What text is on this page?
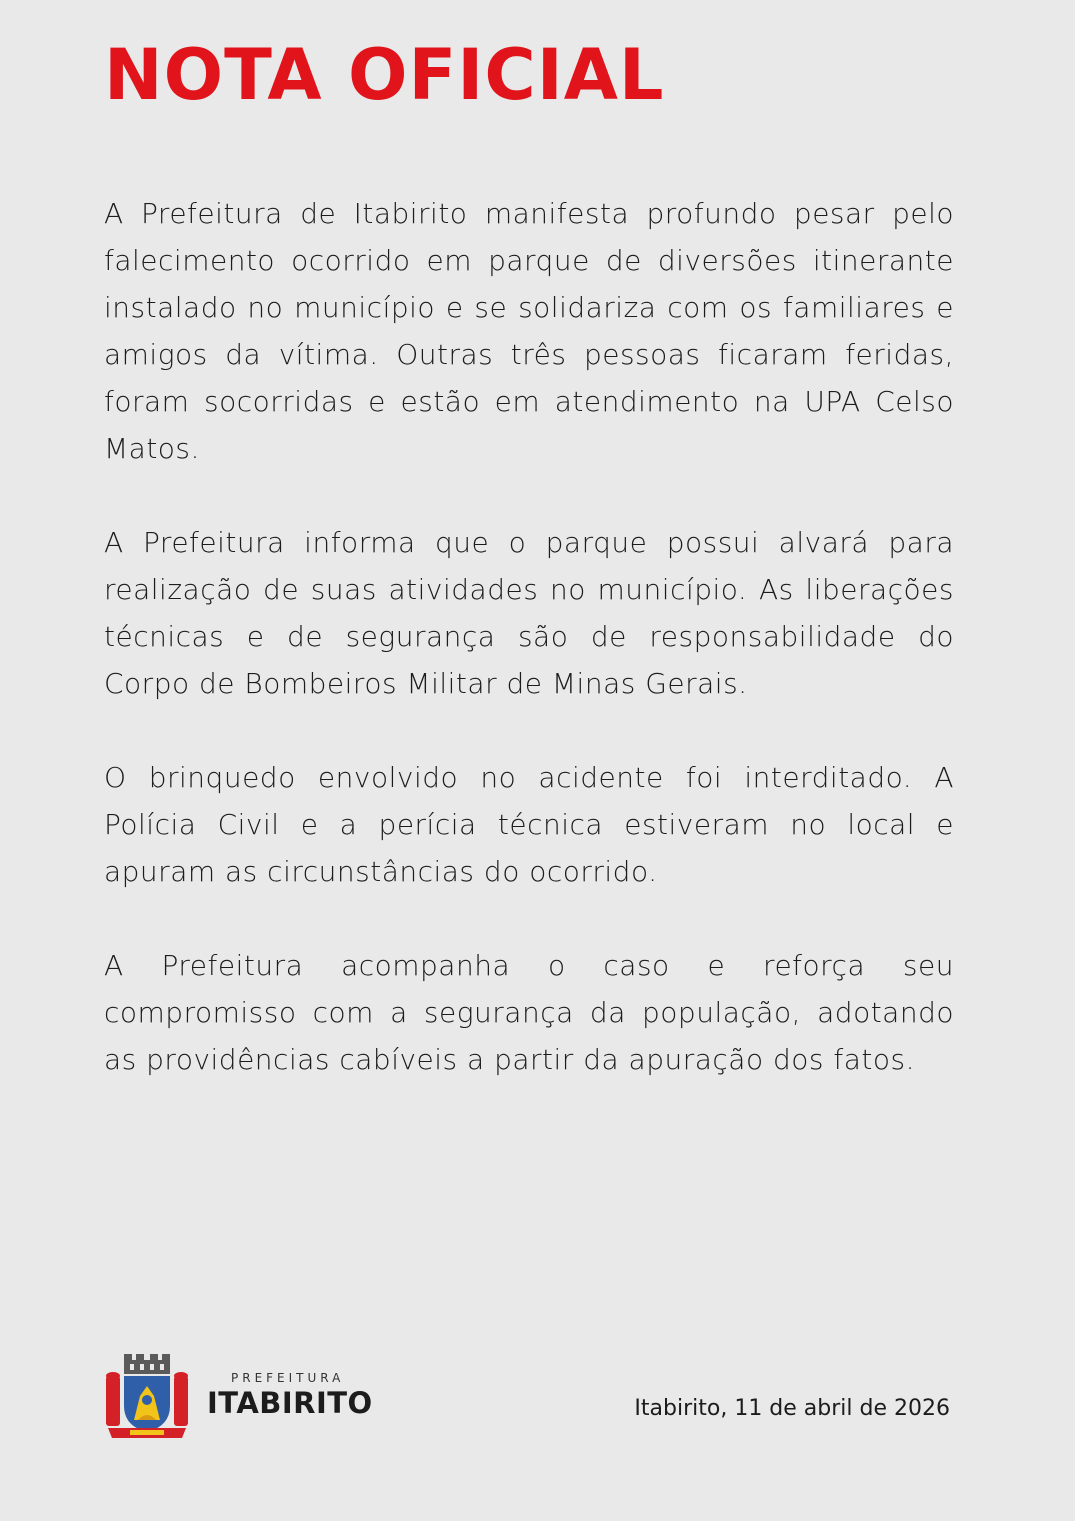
NOTA OFICIAL

A Prefeitura de Itabirito manifesta profundo pesar pelo falecimento ocorrido em parque de diversões itinerante instalado no município e se solidariza com os familiares e amigos da vítima. Outras três pessoas ficaram feridas, foram socorridas e estão em atendimento na UPA Celso Matos.

A Prefeitura informa que o parque possui alvará para realização de suas atividades no município. As liberações técnicas e de segurança são de responsabilidade do Corpo de Bombeiros Militar de Minas Gerais.

O brinquedo envolvido no acidente foi interditado. A Polícia Civil e a perícia técnica estiveram no local e apuram as circunstâncias do ocorrido.

A Prefeitura acompanha o caso e reforça seu compromisso com a segurança da população, adotando as providências cabíveis a partir da apuração dos fatos.

PREFEITURA
ITABIRITO	Itabirito, 11 de abril de 2026
